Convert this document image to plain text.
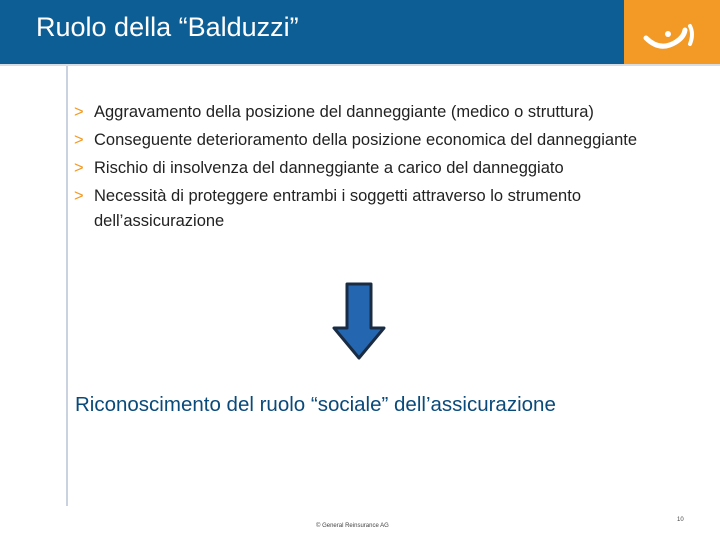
Ruolo della “Balduzzi”
> Aggravamento della posizione del danneggiante (medico o struttura)
> Conseguente deterioramento della posizione economica del danneggiante
> Rischio di insolvenza del danneggiante a carico del danneggiato
> Necessità di proteggere entrambi i soggetti attraverso lo strumento dell’assicurazione
Riconoscimento del ruolo “sociale” dell’assicurazione
© General Reinsurance AG
10
